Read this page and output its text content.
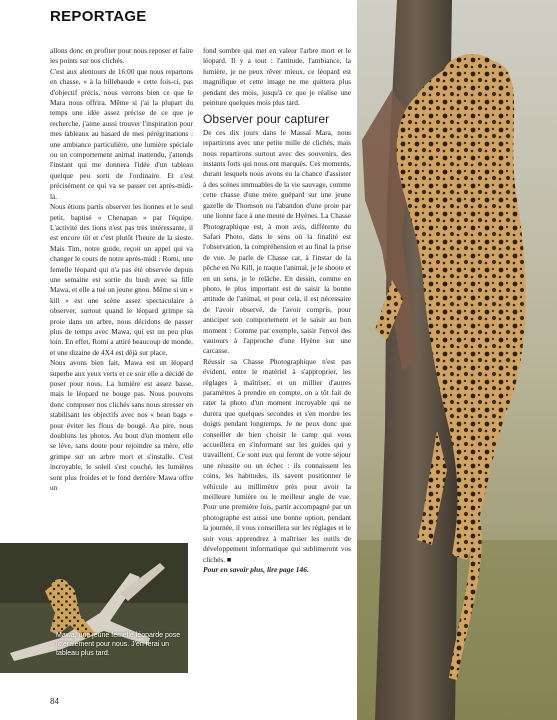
REPORTAGE

allons donc en profiter pour nous reposer et faire les points sur nos clichés.

C'est aux alentours de 16:00 que nous repartons en chasse, « à la billebaude » cette fois-ci, pas d'objectif précis, nous verrons bien ce que le Mara nous offrira. Même si j'ai la plupart du temps une idée assez précise de ce que je recherche, j'aime aussi trouver l'inspiration pour mes tableaux au hasard de mes pérégrinations : une ambiance particulière, une lumière spéciale ou un comportement animal inattendu, j'attends l'instant qui me donnera l'idée d'un tableau quelque peu sorti de l'ordinaire. Et c'est précisément ce qui va se passer cet après-midi-là.

Nous étions partis observer les lionnes et le seul petit, baptisé « Chenapan » par l'équipe. L'activité des lions n'est pas très intéressante, il est encore tôt et c'est plutôt l'heure de la sieste. Mais Tim, notre guide, reçoit un appel qui va changer le cours de notre après-midi : Romi, une femelle léopard qui n'a pas été observée depuis une semaine est sortie du bush avec sa fille Mawa, et elle a tué un jeune gnou. Même si un « kill » est une scène assez spectaculaire à observer, surtout quand le léopard grimpe sa proie dans un arbre, nous décidons de passer plus de temps avec Mawa, qui est un peu plus loin. En effet, Romi a attiré beaucoup de monde, et une dizaine de 4X4 est déjà sur place.

Nous avons bien fait, Mawa est un léopard superbe aux yeux verts et ce soir elle a décidé de poser pour nous. La lumière est assez basse, mais le léopard ne bouge pas. Nous pouvons donc composer nos clichés sans nous stresser en stabilisant les objectifs avec nos « bean bags » pour éviter les flous de bougé. Au pire, nous doublons les photos. Au bout d'un moment elle se lève, sans doute pour rejoindre sa mère, elle grimpe sur un arbre mort et s'installe. C'est incroyable, le soleil s'est couché, les lumières sont plus froides et le fond derrière Mawa offre un

fond sombre qui met en valeur l'arbre mort et le léopard. Il y a tout : l'attitude, l'ambiance, la lumière, je ne peux rêver mieux, ce léopard est magnifique et cette image ne me quittera plus pendant des mois, jusqu'à ce que je réalise une peinture quelques mois plus tard.

Observer pour capturer

De ces dix jours dans le Massaï Mara, nous repartirons avec une petite mille de clichés, mais nous repartirons surtout avec des souvenirs, des instants forts qui nous ont marqués. Ces moments, durant lesquels nous avons eu la chance d'assister à des scènes immuables de la vie sauvage, comme cette chasse d'une mère guépard sur une jeune gazelle de Thomson ou l'abandon d'une proie par une lionne face à une meute de Hyènes. La Chasse Photographique est, à mon avis, différente du Safari Photo, dans le sens où la finalité est l'observation, la compréhension et au final la prise de vue. Je parle de Chasse car, à l'instar de la pêche en No Kill, je traque l'animal, je le shoote et en un sens, je le relâche. En dessin, comme en photo, le plus important est de saisir la bonne attitude de l'animal, et pour cela, il est nécessaire de l'avoir observé, de l'avoir compris, pour anticiper son comportement et le saisir au bon moment : Comme par exemple, saisir l'envol des vautours à l'approche d'une Hyène sur une carcasse.

Réussir sa Chasse Photographique n'est pas évident, entre le matériel à s'approprier, les réglages à maîtriser, et un millier d'autres paramètres à prendre en compte, on a tôt fait de rater la photo d'un moment incroyable qui ne durera que quelques secondes et s'en mordre les doigts pendant longtemps. Je ne peux donc que conseiller de bien choisir le camp qui vous accueillera en s'informant sur les guides qui y travaillent. Ce sont eux qui feront de votre séjour une réussite ou un échec : ils connaissent les coins, les habitudes, ils savent positionner le véhicule au millimètre près pour avoir la meilleure lumière ou le meilleur angle de vue. Pour une première fois, partir accompagné par un photographe est aussi une bonne option, pendant la journée, il vous conseillera sur les réglages et le soir vous apprendrez à maîtriser les outils de développement informatique qui sublimeront vos clichés. ■

Pour en savoir plus, lire page 146.

Mawa, une jeune femelle léoparde pose littéralement pour nous. J'en ferai un tableau plus tard.
84
